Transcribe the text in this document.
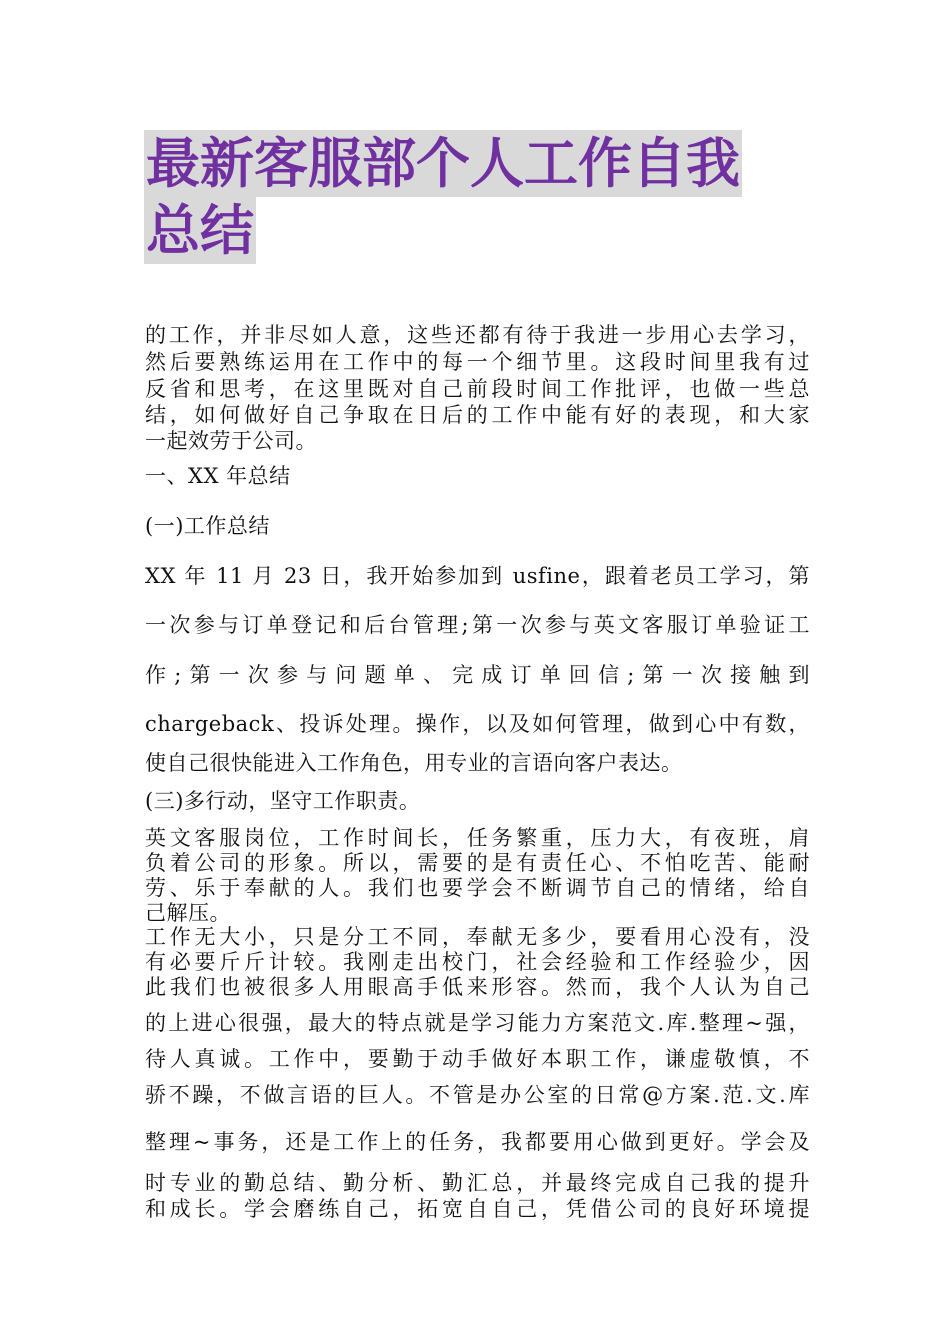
最新客服部个人工作自我
总结
的工作，并非尽如人意，这些还都有待于我进一步用心去学习，
然后要熟练运用在工作中的每一个细节里。这段时间里我有过
反省和思考，在这里既对自己前段时间工作批评，也做一些总
结，如何做好自己争取在日后的工作中能有好的表现，和大家
一起效劳于公司。
一、XX 年总结
(一)工作总结
XX 年 11 月 23 日，我开始参加到 usfine，跟着老员工学习，第
一次参与订单登记和后台管理;第一次参与英文客服订单验证工
作;第一次参与问题单、完成订单回信;第一次接触到
chargeback、投诉处理。操作，以及如何管理，做到心中有数，
使自己很快能进入工作角色，用专业的言语向客户表达。
(三)多行动，坚守工作职责。
英文客服岗位，工作时间长，任务繁重，压力大，有夜班，肩
负着公司的形象。所以，需要的是有责任心、不怕吃苦、能耐
劳、乐于奉献的人。我们也要学会不断调节自己的情绪，给自
己解压。
工作无大小，只是分工不同，奉献无多少，要看用心没有，没
有必要斤斤计较。我刚走出校门，社会经验和工作经验少，因
此我们也被很多人用眼高手低来形容。然而，我个人认为自己
的上进心很强，最大的特点就是学习能力方案范文.库.整理~强，
待人真诚。工作中，要勤于动手做好本职工作，谦虚敬慎，不
骄不躁，不做言语的巨人。不管是办公室的日常@方案.范.文.库
整理~事务，还是工作上的任务，我都要用心做到更好。学会及
时专业的勤总结、勤分析、勤汇总，并最终完成自己我的提升
和成长。学会磨练自己，拓宽自自己，凭借公司的良好环境提
